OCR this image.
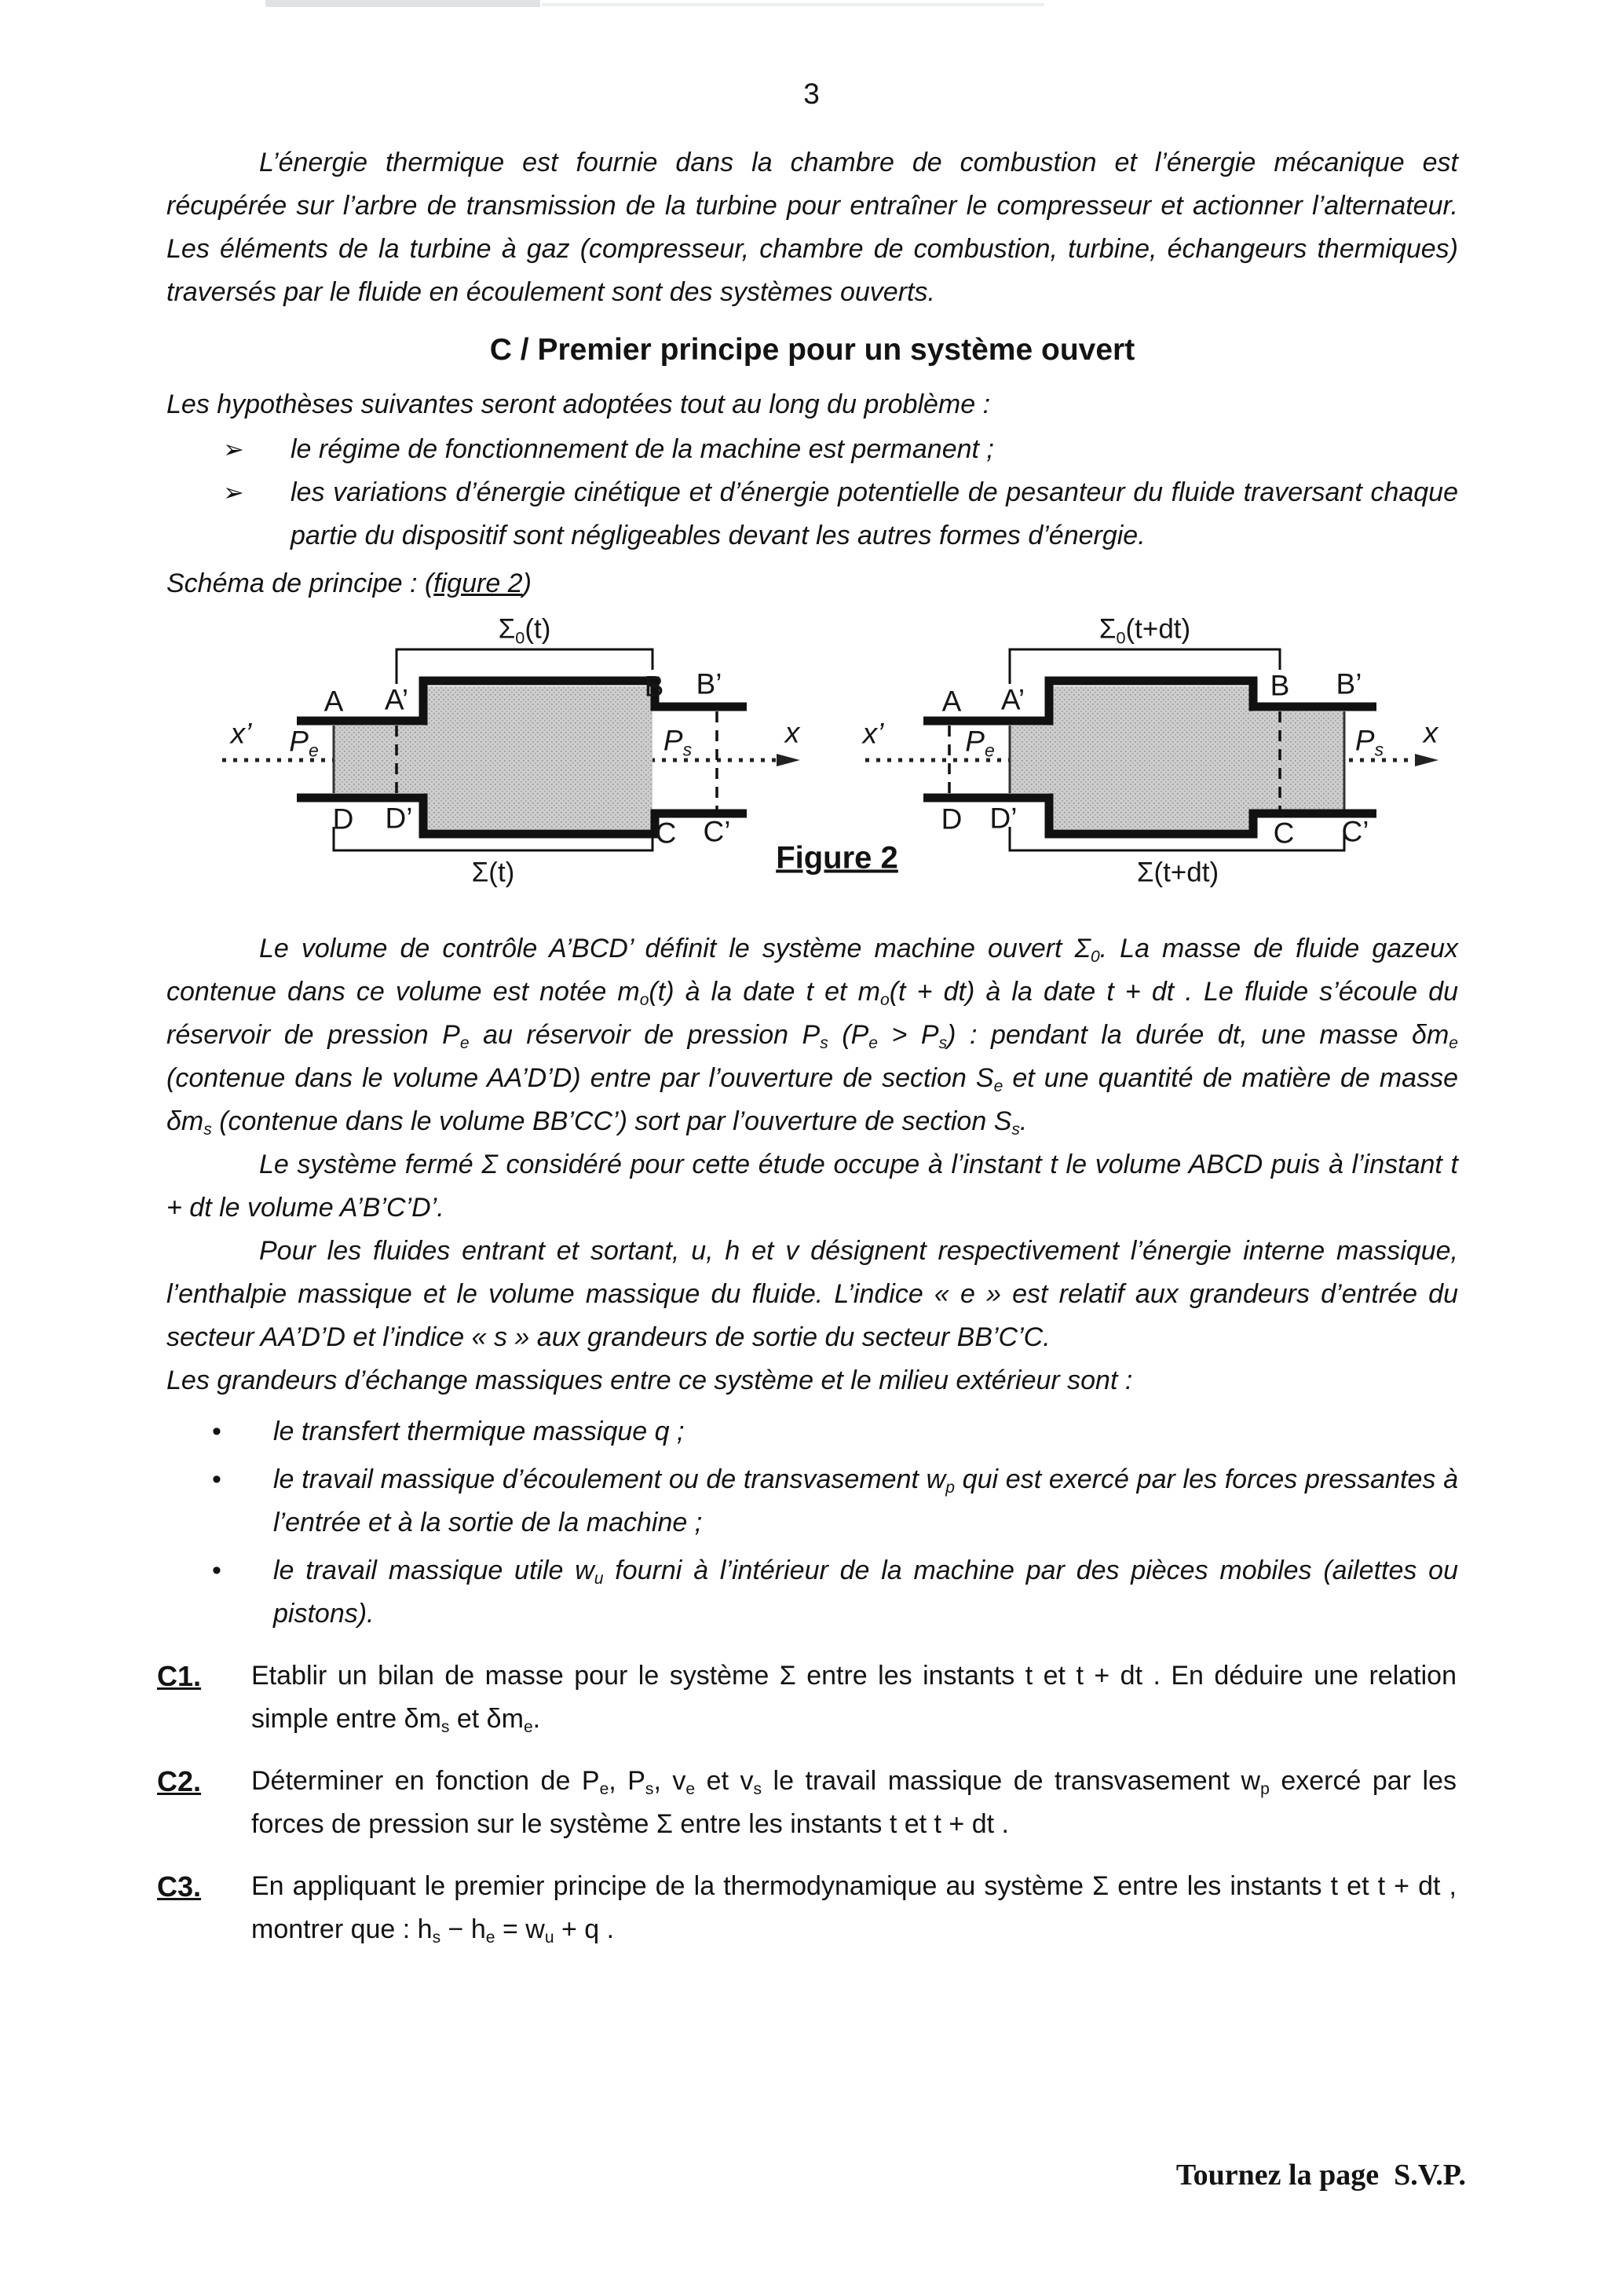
3

L’énergie thermique est fournie dans la chambre de combustion et l’énergie mécanique est récupérée sur l’arbre de transmission de la turbine pour entraîner le compresseur et actionner l’alternateur. Les éléments de la turbine à gaz (compresseur, chambre de combustion, turbine, échangeurs thermiques) traversés par le fluide en écoulement sont des systèmes ouverts.

C / Premier principe pour un système ouvert

Les hypothèses suivantes seront adoptées tout au long du problème :

➢	le régime de fonctionnement de la machine est permanent ;
➢	les variations d’énergie cinétique et d’énergie potentielle de pesanteur du fluide traversant chaque partie du dispositif sont négligeables devant les autres formes d’énergie.

Schéma de principe : (figure 2)

$\Sigma_0(t)$
A A’	B B’
$P_e$	$P_s$
x’	x
D D’	C C’
Σ(t)	Figure 2
$\Sigma_0(t+dt)$
A A’	B B’
$P_e$	$P_s$
x’	x
D D’	C C’
Σ(t+dt)

Le volume de contrôle A’BCD’ définit le système machine ouvert $\Sigma_0$. La masse de fluide gazeux contenue dans ce volume est notée $m_o(t)$ à la date t et $m_o(t + dt)$ à la date t + dt . Le fluide s’écoule du réservoir de pression $P_e$ au réservoir de pression $P_s$ $(P_e > P_s)$ : pendant la durée dt, une masse $\delta m_e$ (contenue dans le volume AA’D’D) entre par l’ouverture de section $S_e$ et une quantité de matière de masse $\delta m_s$ (contenue dans le volume BB’CC’) sort par l’ouverture de section $S_s$.

Le système fermé Σ considéré pour cette étude occupe à l’instant t le volume ABCD puis à l’instant t + dt le volume A’B’C’D’.

Pour les fluides entrant et sortant, u, h et v désignent respectivement l’énergie interne massique, l’enthalpie massique et le volume massique du fluide. L’indice « e » est relatif aux grandeurs d’entrée du secteur AA’D’D et l’indice « s » aux grandeurs de sortie du secteur BB’C’C.

Les grandeurs d’échange massiques entre ce système et le milieu extérieur sont :

•	le transfert thermique massique q ;
•	le travail massique d’écoulement ou de transvasement $w_p$ qui est exercé par les forces pressantes à l’entrée et à la sortie de la machine ;
•	le travail massique utile $w_u$ fourni à l’intérieur de la machine par des pièces mobiles (ailettes ou pistons).
C1.	Etablir un bilan de masse pour le système Σ entre les instants t et t + dt . En déduire une relation simple entre $\delta m_s$ et $\delta m_e$.
C2.	Déterminer en fonction de $P_e$, $P_s$, $v_e$ et $v_s$ le travail massique de transvasement $w_p$ exercé par les forces de pression sur le système Σ entre les instants t et t + dt .
C3.	En appliquant le premier principe de la thermodynamique au système Σ entre les instants t et t + dt , montrer que : $h_s - h_e = w_u + q$ .
Tournez la page  S.V.P.
